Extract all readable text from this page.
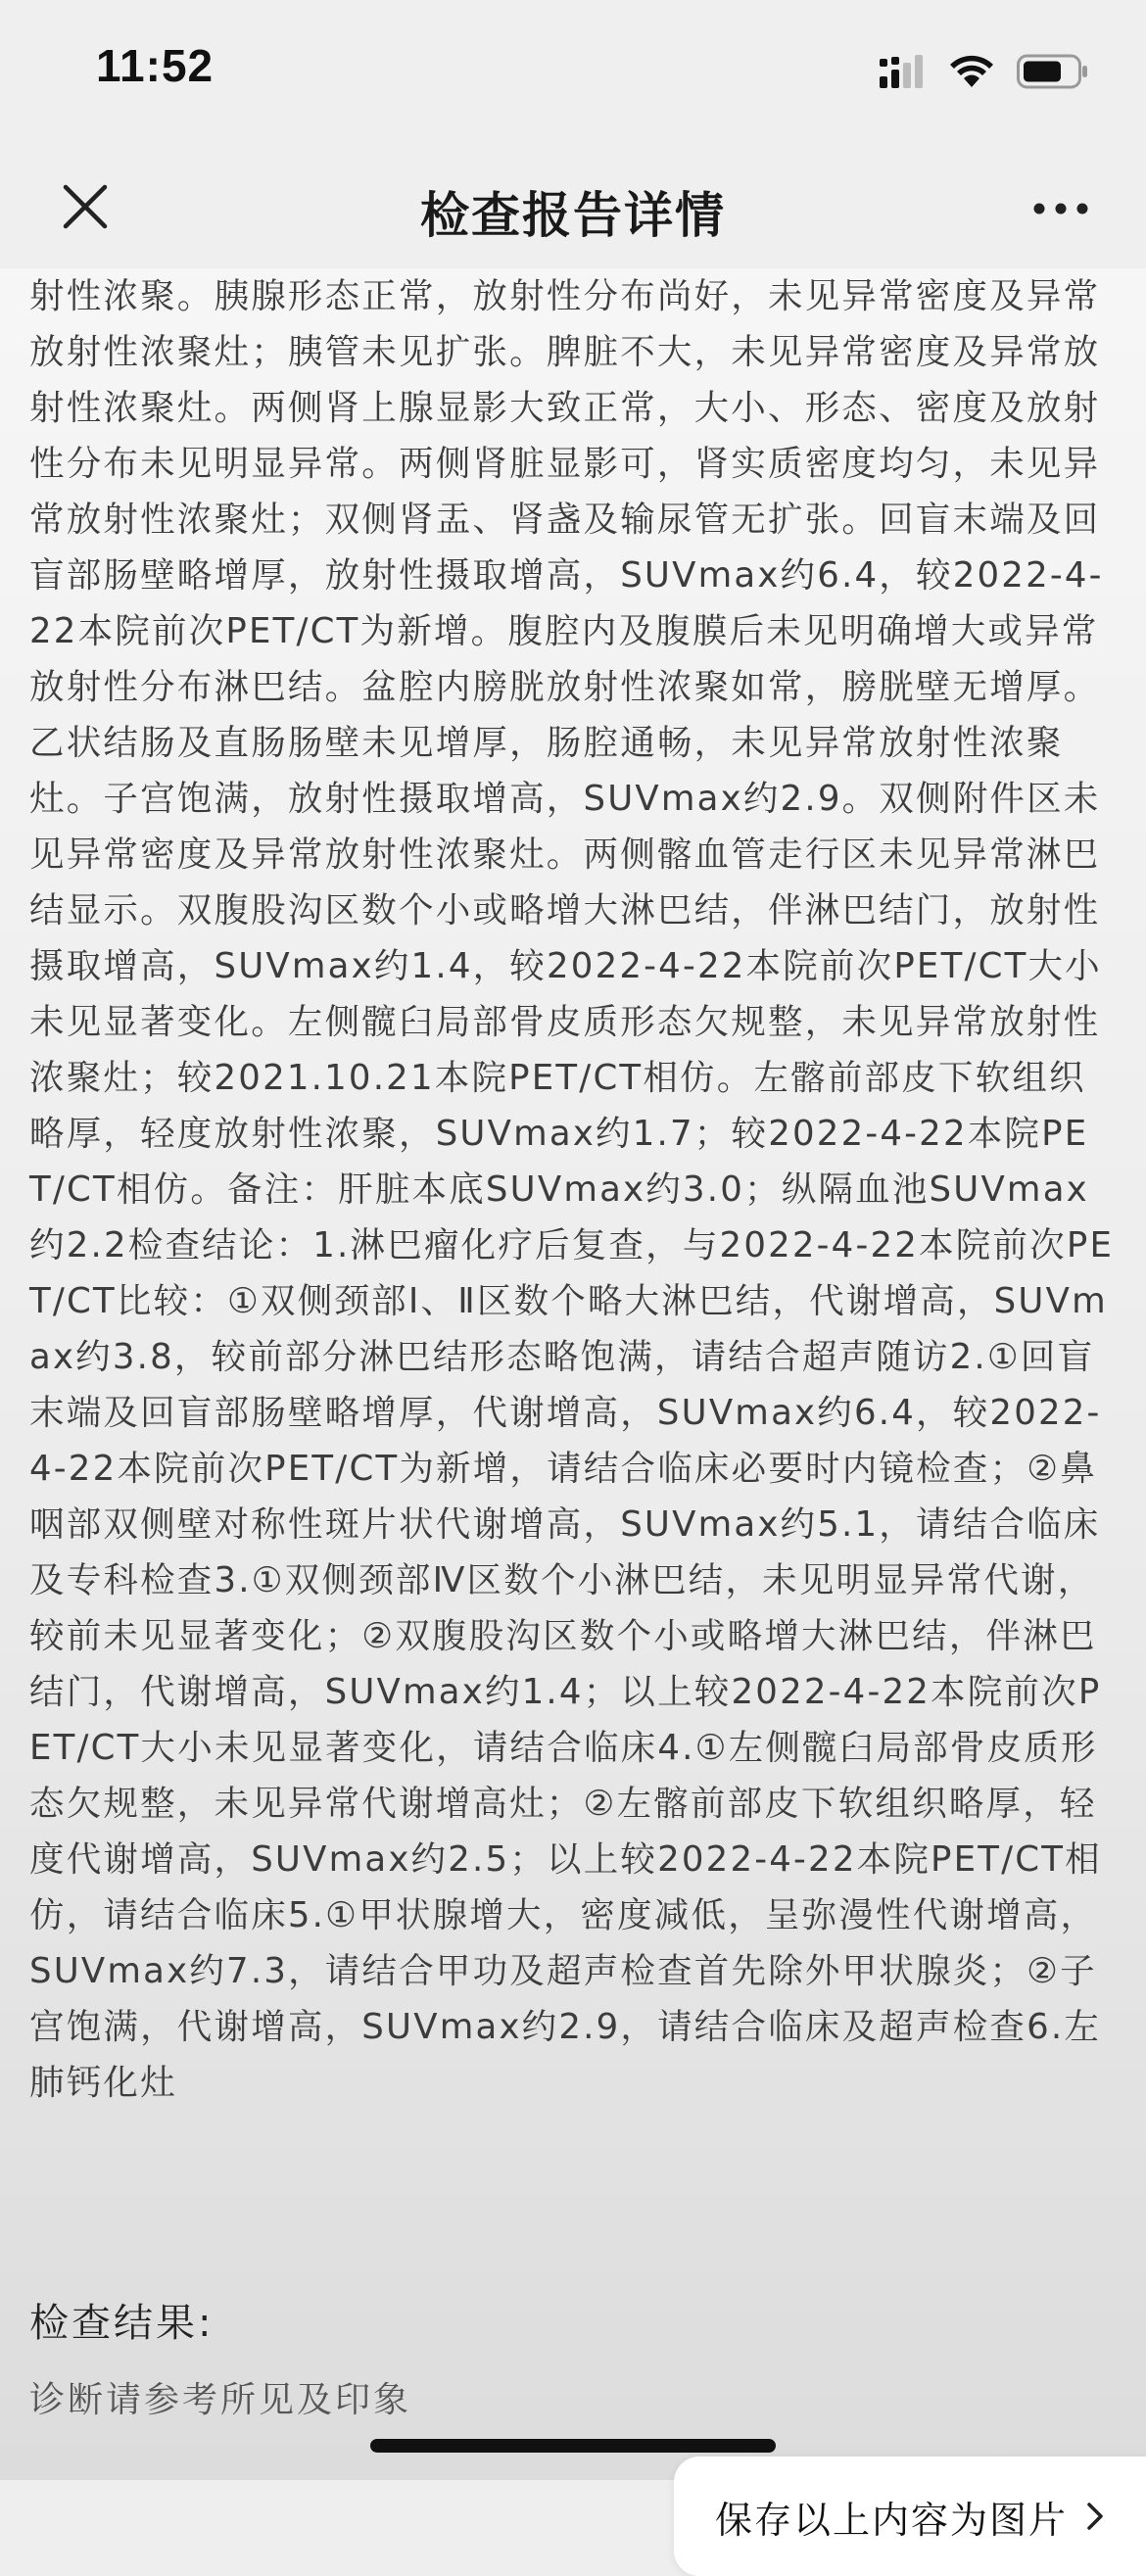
11:52
检查报告详情

射性浓聚。胰腺形态正常，放射性分布尚好，未见异常密度及异常放射性浓聚灶；胰管未见扩张。脾脏不大，未见异常密度及异常放射性浓聚灶。两侧肾上腺显影大致正常，大小、形态、密度及放射性分布未见明显异常。两侧肾脏显影可，肾实质密度均匀，未见异常放射性浓聚灶；双侧肾盂、肾盏及输尿管无扩张。回盲末端及回盲部肠壁略增厚，放射性摄取增高，SUVmax约6.4，较2022-4-22本院前次PET/CT为新增。腹腔内及腹膜后未见明确增大或异常放射性分布淋巴结。盆腔内膀胱放射性浓聚如常，膀胱壁无增厚。乙状结肠及直肠肠壁未见增厚，肠腔通畅，未见异常放射性浓聚灶。子宫饱满，放射性摄取增高，SUVmax约2.9。双侧附件区未见异常密度及异常放射性浓聚灶。两侧髂血管走行区未见异常淋巴结显示。双腹股沟区数个小或略增大淋巴结，伴淋巴结门，放射性摄取增高，SUVmax约1.4，较2022-4-22本院前次PET/CT大小未见显著变化。左侧髋臼局部骨皮质形态欠规整，未见异常放射性浓聚灶；较2021.10.21本院PET/CT相仿。左髂前部皮下软组织略厚，轻度放射性浓聚，SUVmax约1.7；较2022-4-22本院PET/CT相仿。备注：肝脏本底SUVmax约3.0；纵隔血池SUVmax约2.2检查结论：1.淋巴瘤化疗后复查，与2022-4-22本院前次PET/CT比较：①双侧颈部Ⅰ、Ⅱ区数个略大淋巴结，代谢增高，SUVmax约3.8，较前部分淋巴结形态略饱满，请结合超声随访2.①回盲末端及回盲部肠壁略增厚，代谢增高，SUVmax约6.4，较2022-4-22本院前次PET/CT为新增，请结合临床必要时内镜检查；②鼻咽部双侧壁对称性斑片状代谢增高，SUVmax约5.1，请结合临床及专科检查3.①双侧颈部Ⅳ区数个小淋巴结，未见明显异常代谢，较前未见显著变化；②双腹股沟区数个小或略增大淋巴结，伴淋巴结门，代谢增高，SUVmax约1.4；以上较2022-4-22本院前次PET/CT大小未见显著变化，请结合临床4.①左侧髋臼局部骨皮质形态欠规整，未见异常代谢增高灶；②左髂前部皮下软组织略厚，轻度代谢增高，SUVmax约2.5；以上较2022-4-22本院PET/CT相仿，请结合临床5.①甲状腺增大，密度减低，呈弥漫性代谢增高，SUVmax约7.3，请结合甲功及超声检查首先除外甲状腺炎；②子宫饱满，代谢增高，SUVmax约2.9，请结合临床及超声检查6.左肺钙化灶

检查结果:
诊断请参考所见及印象
保存以上内容为图片
